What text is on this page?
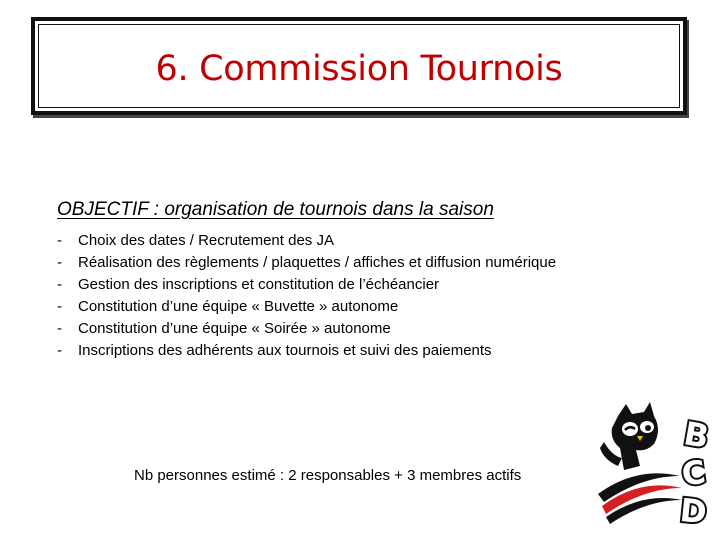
6. Commission Tournois
OBJECTIF : organisation de tournois dans la saison
-	Choix des dates / Recrutement des JA
-	Réalisation des règlements / plaquettes / affiches et diffusion numérique
-	Gestion des inscriptions et constitution de l’échéancier
-	Constitution d’une équipe « Buvette » autonome
-	Constitution d’une équipe « Soirée » autonome
-	Inscriptions des adhérents aux tournois et suivi des paiements
Nb personnes estimé : 2 responsables + 3 membres actifs
B
C
D
